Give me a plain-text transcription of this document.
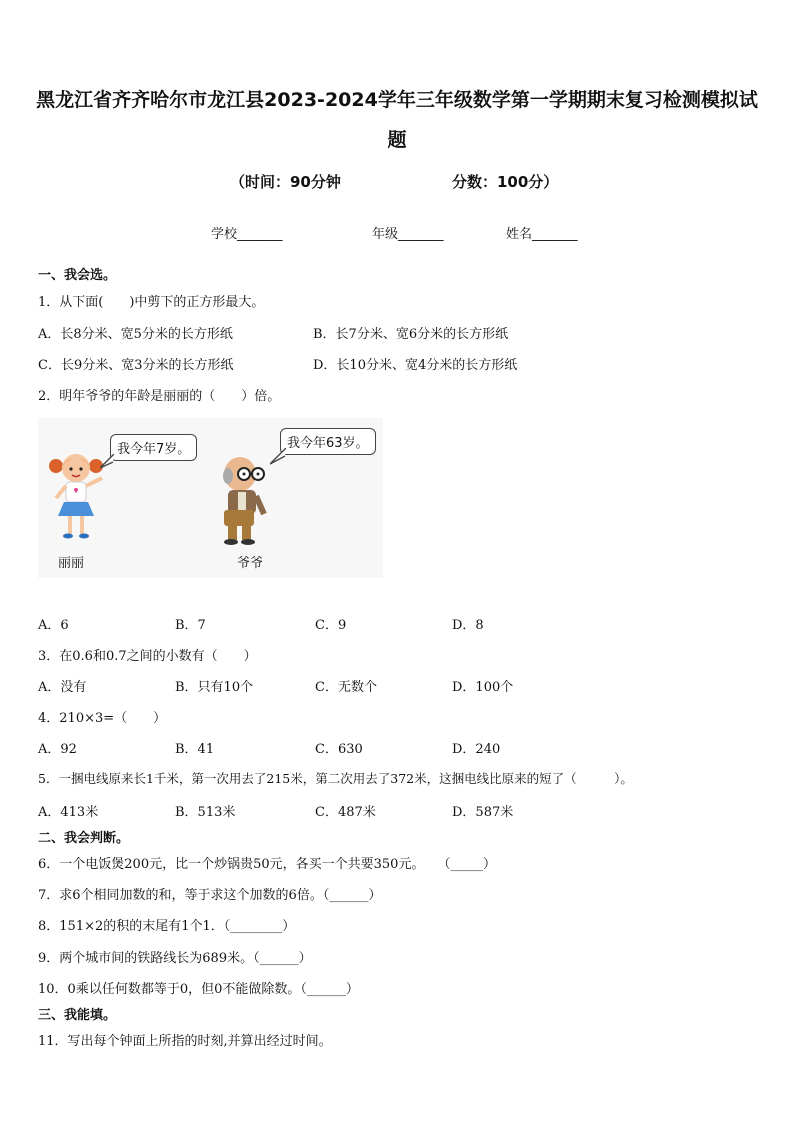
黑龙江省齐齐哈尔市龙江县2023-2024学年三年级数学第一学期期末复习检测模拟试
题
（时间：90分钟	分数：100分）
学校_______	年级_______	姓名_______
一、我会选。
1．从下面(　　)中剪下的正方形最大。
A．长8分米、宽5分米的长方形纸	B．长7分米、宽6分米的长方形纸
C．长9分米、宽3分米的长方形纸	D．长10分米、宽4分米的长方形纸
2．明年爷爷的年龄是丽丽的（　　）倍。
我今年7岁。
丽丽
我今年63岁。
爷爷
A．6	B．7	C．9	D．8
3．在0.6和0.7之间的小数有（　　）
A．没有	B．只有10个	C．无数个	D．100个
4．210×3=（　　）
A．92	B．41	C．630	D．240
5．一捆电线原来长1千米，第一次用去了215米，第二次用去了372米，这捆电线比原来的短了（　　　）。
A．413米	B．513米	C．487米	D．587米
二、我会判断。
6．一个电饭煲200元，比一个炒锅贵50元，各买一个共要350元。　　（_____）
7．求6个相同加数的和，等于求这个加数的6倍。（______）
8．151×2的积的末尾有1个1．（________）
9．两个城市间的铁路线长为689米。（______）
10．0乘以任何数都等于0，但0不能做除数。（______）
三、我能填。
11．写出每个钟面上所指的时刻,并算出经过时间。
